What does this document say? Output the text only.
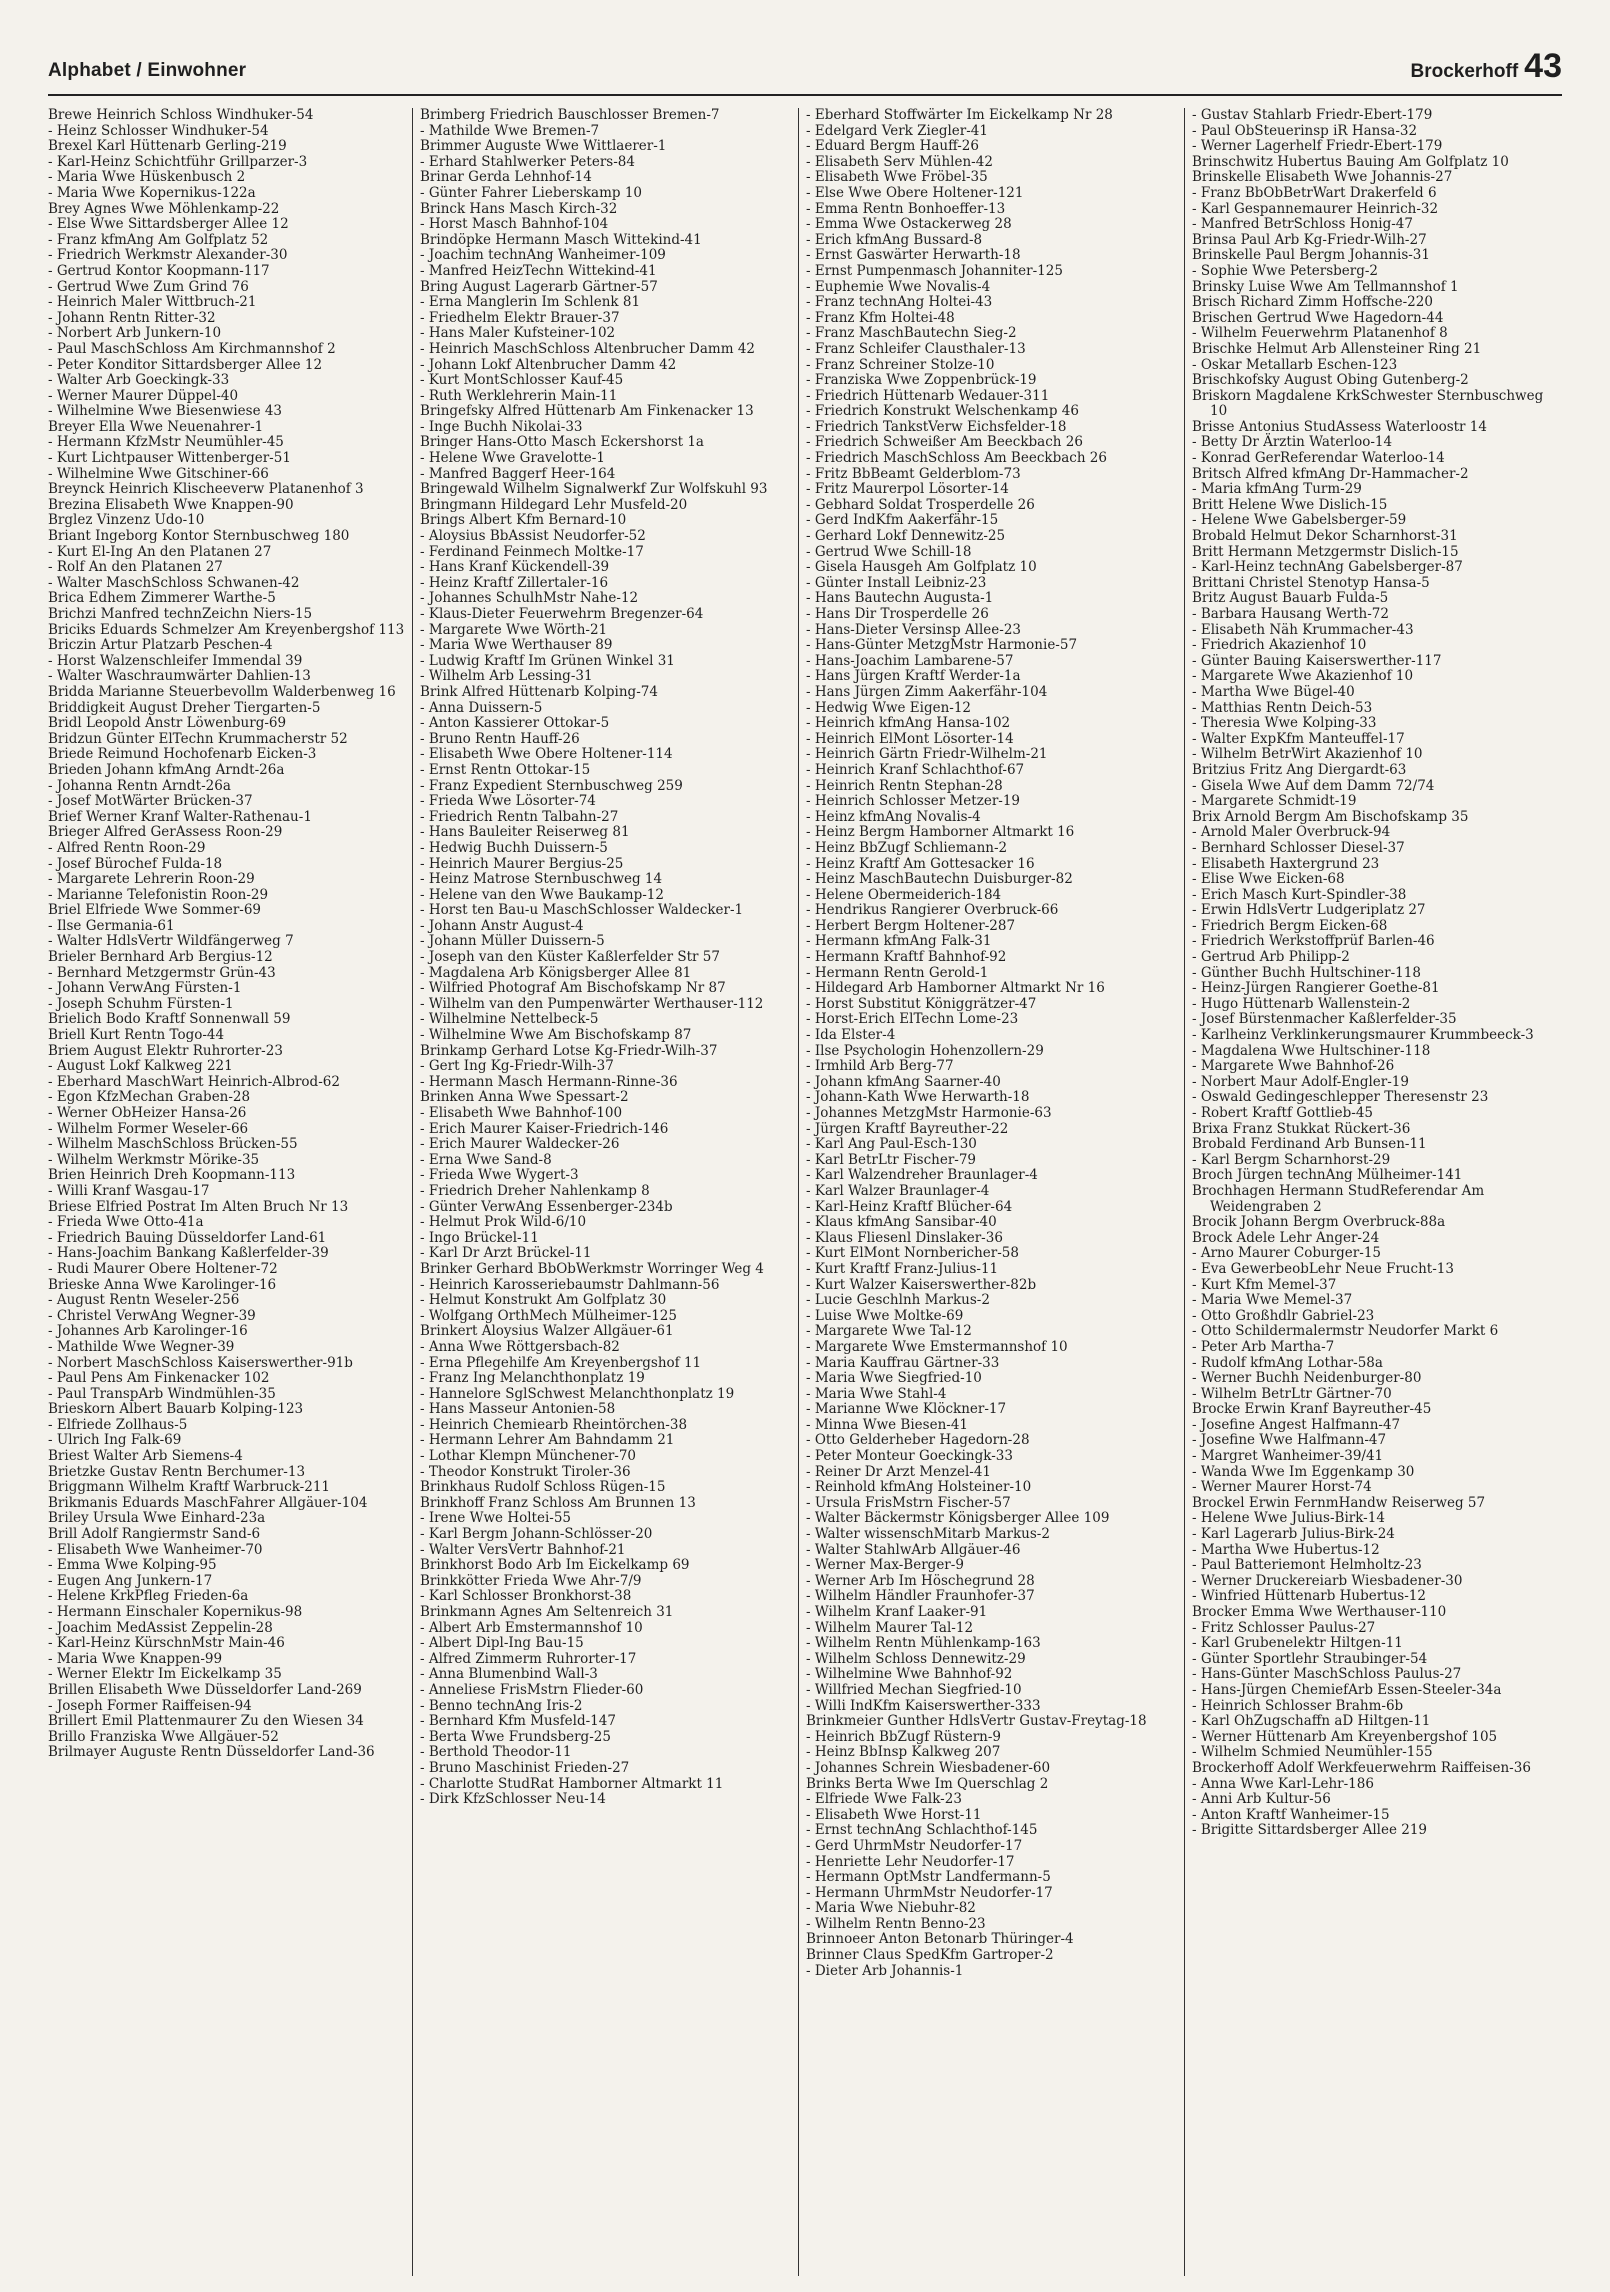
Alphabet / Einwohner	Brockerhoff 43
Brewe Heinrich Schloss Windhuker-54
- Heinz Schlosser Windhuker-54
Brexel Karl Hüttenarb Gerling-219
- Karl-Heinz Schichtführ Grillparzer-3
- Maria Wwe Hüskenbusch 2
- Maria Wwe Kopernikus-122a
Brey Agnes Wwe Möhlenkamp-22
- Else Wwe Sittardsberger Allee 12
- Franz kfmAng Am Golfplatz 52
- Friedrich Werkmstr Alexander-30
- Gertrud Kontor Koopmann-117
- Gertrud Wwe Zum Grind 76
- Heinrich Maler Wittbruch-21
- Johann Rentn Ritter-32
- Norbert Arb Junkern-10
- Paul MaschSchloss Am Kirchmannshof 2
- Peter Konditor Sittardsberger Allee 12
- Walter Arb Goeckingk-33
- Werner Maurer Düppel-40
- Wilhelmine Wwe Biesenwiese 43
Breyer Ella Wwe Neuenahrer-1
- Hermann KfzMstr Neumühler-45
- Kurt Lichtpauser Wittenberger-51
- Wilhelmine Wwe Gitschiner-66
Breynck Heinrich Klischeeverw Platanenhof 3
Brezina Elisabeth Wwe Knappen-90
Brglez Vinzenz Udo-10
Briant Ingeborg Kontor Sternbuschweg 180
- Kurt El-Ing An den Platanen 27
- Rolf An den Platanen 27
- Walter MaschSchloss Schwanen-42
Brica Edhem Zimmerer Warthe-5
Brichzi Manfred technZeichn Niers-15
Briciks Eduards Schmelzer Am Kreyenbergshof 113
Briczin Artur Platzarb Peschen-4
- Horst Walzenschleifer Immendal 39
- Walter Waschraumwärter Dahlien-13
Bridda Marianne Steuerbevollm Walderbenweg 16
Briddigkeit August Dreher Tiergarten-5
Bridl Leopold Anstr Löwenburg-69
Bridzun Günter ElTechn Krummacherstr 52
Briede Reimund Hochofenarb Eicken-3
Brieden Johann kfmAng Arndt-26a
- Johanna Rentn Arndt-26a
- Josef MotWärter Brücken-37
Brief Werner Kranf Walter-Rathenau-1
Brieger Alfred GerAssess Roon-29
- Alfred Rentn Roon-29
- Josef Bürochef Fulda-18
- Margarete Lehrerin Roon-29
- Marianne Telefonistin Roon-29
Briel Elfriede Wwe Sommer-69
- Ilse Germania-61
- Walter HdlsVertr Wildfängerweg 7
Brieler Bernhard Arb Bergius-12
- Bernhard Metzgermstr Grün-43
- Johann VerwAng Fürsten-1
- Joseph Schuhm Fürsten-1
Brielich Bodo Kraftf Sonnenwall 59
Briell Kurt Rentn Togo-44
Briem August Elektr Ruhrorter-23
- August Lokf Kalkweg 221
- Eberhard MaschWart Heinrich-Albrod-62
- Egon KfzMechan Graben-28
- Werner ObHeizer Hansa-26
- Wilhelm Former Weseler-66
- Wilhelm MaschSchloss Brücken-55
- Wilhelm Werkmstr Mörike-35
Brien Heinrich Dreh Koopmann-113
- Willi Kranf Wasgau-17
Briese Elfried Postrat Im Alten Bruch Nr 13
- Frieda Wwe Otto-41a
- Friedrich Bauing Düsseldorfer Land-61
- Hans-Joachim Bankang Kaßlerfelder-39
- Rudi Maurer Obere Holtener-72
Brieske Anna Wwe Karolinger-16
- August Rentn Weseler-256
- Christel VerwAng Wegner-39
- Johannes Arb Karolinger-16
- Mathilde Wwe Wegner-39
- Norbert MaschSchloss Kaiserswerther-91b
- Paul Pens Am Finkenacker 102
- Paul TranspArb Windmühlen-35
Brieskorn Albert Bauarb Kolping-123
- Elfriede Zollhaus-5
- Ulrich Ing Falk-69
Briest Walter Arb Siemens-4
Brietzke Gustav Rentn Berchumer-13
Briggmann Wilhelm Kraftf Warbruck-211
Brikmanis Eduards MaschFahrer Allgäuer-104
Briley Ursula Wwe Einhard-23a
Brill Adolf Rangiermstr Sand-6
- Elisabeth Wwe Wanheimer-70
- Emma Wwe Kolping-95
- Eugen Ang Junkern-17
- Helene KrkPfleg Frieden-6a
- Hermann Einschaler Kopernikus-98
- Joachim MedAssist Zeppelin-28
- Karl-Heinz KürschnMstr Main-46
- Maria Wwe Knappen-99
- Werner Elektr Im Eickelkamp 35
Brillen Elisabeth Wwe Düsseldorfer Land-269
- Joseph Former Raiffeisen-94
Brillert Emil Plattenmaurer Zu den Wiesen 34
Brillo Franziska Wwe Allgäuer-52
Brilmayer Auguste Rentn Düsseldorfer Land-36
Brimberg Friedrich Bauschlosser Bremen-7
- Mathilde Wwe Bremen-7
Brimmer Auguste Wwe Wittlaerer-1
- Erhard Stahlwerker Peters-84
Brinar Gerda Lehnhof-14
- Günter Fahrer Lieberskamp 10
Brinck Hans Masch Kirch-32
- Horst Masch Bahnhof-104
Brindöpke Hermann Masch Wittekind-41
- Joachim technAng Wanheimer-109
- Manfred HeizTechn Wittekind-41
Bring August Lagerarb Gärtner-57
- Erna Manglerin Im Schlenk 81
- Friedhelm Elektr Brauer-37
- Hans Maler Kufsteiner-102
- Heinrich MaschSchloss Altenbrucher Damm 42
- Johann Lokf Altenbrucher Damm 42
- Kurt MontSchlosser Kauf-45
- Ruth Werklehrerin Main-11
Bringefsky Alfred Hüttenarb Am Finkenacker 13
- Inge Buchh Nikolai-33
Bringer Hans-Otto Masch Eckershorst 1a
- Helene Wwe Gravelotte-1
- Manfred Baggerf Heer-164
Bringewald Wilhelm Signalwerkf Zur Wolfskuhl 93
Bringmann Hildegard Lehr Musfeld-20
Brings Albert Kfm Bernard-10
- Aloysius BbAssist Neudorfer-52
- Ferdinand Feinmech Moltke-17
- Hans Kranf Kückendell-39
- Heinz Kraftf Zillertaler-16
- Johannes SchulhMstr Nahe-12
- Klaus-Dieter Feuerwehrm Bregenzer-64
- Margarete Wwe Wörth-21
- Maria Wwe Werthauser 89
- Ludwig Kraftf Im Grünen Winkel 31
- Wilhelm Arb Lessing-31
Brink Alfred Hüttenarb Kolping-74
- Anna Duissern-5
- Anton Kassierer Ottokar-5
- Bruno Rentn Hauff-26
- Elisabeth Wwe Obere Holtener-114
- Ernst Rentn Ottokar-15
- Franz Expedient Sternbuschweg 259
- Frieda Wwe Lösorter-74
- Friedrich Rentn Talbahn-27
- Hans Bauleiter Reiserweg 81
- Hedwig Buchh Duissern-5
- Heinrich Maurer Bergius-25
- Heinz Matrose Sternbuschweg 14
- Helene van den Wwe Baukamp-12
- Horst ten Bau-u MaschSchlosser Waldecker-1
- Johann Anstr August-4
- Johann Müller Duissern-5
- Joseph van den Küster Kaßlerfelder Str 57
- Magdalena Arb Königsberger Allee 81
- Wilfried Photograf Am Bischofskamp Nr 87
- Wilhelm van den Pumpenwärter Werthauser-112
- Wilhelmine Nettelbeck-5
- Wilhelmine Wwe Am Bischofskamp 87
Brinkamp Gerhard Lotse Kg-Friedr-Wilh-37
- Gert Ing Kg-Friedr-Wilh-37
- Hermann Masch Hermann-Rinne-36
Brinken Anna Wwe Spessart-2
- Elisabeth Wwe Bahnhof-100
- Erich Maurer Kaiser-Friedrich-146
- Erich Maurer Waldecker-26
- Erna Wwe Sand-8
- Frieda Wwe Wygert-3
- Friedrich Dreher Nahlenkamp 8
- Günter VerwAng Essenberger-234b
- Helmut Prok Wild-6/10
- Ingo Brückel-11
- Karl Dr Arzt Brückel-11
Brinker Gerhard BbObWerkmstr Worringer Weg 4
- Heinrich Karosseriebaumstr Dahlmann-56
- Helmut Konstrukt Am Golfplatz 30
- Wolfgang OrthMech Mülheimer-125
Brinkert Aloysius Walzer Allgäuer-61
- Anna Wwe Röttgersbach-82
- Erna Pflegehilfe Am Kreyenbergshof 11
- Franz Ing Melanchthonplatz 19
- Hannelore SglSchwest Melanchthonplatz 19
- Hans Masseur Antonien-58
- Heinrich Chemiearb Rheintörchen-38
- Hermann Lehrer Am Bahndamm 21
- Lothar Klempn Münchener-70
- Theodor Konstrukt Tiroler-36
Brinkhaus Rudolf Schloss Rügen-15
Brinkhoff Franz Schloss Am Brunnen 13
- Irene Wwe Holtei-55
- Karl Bergm Johann-Schlösser-20
- Walter VersVertr Bahnhof-21
Brinkhorst Bodo Arb Im Eickelkamp 69
Brinkkötter Frieda Wwe Ahr-7/9
- Karl Schlosser Bronkhorst-38
Brinkmann Agnes Am Seltenreich 31
- Albert Arb Emstermannshof 10
- Albert Dipl-Ing Bau-15
- Alfred Zimmerm Ruhrorter-17
- Anna Blumenbind Wall-3
- Anneliese FrisMstrn Flieder-60
- Benno technAng Iris-2
- Bernhard Kfm Musfeld-147
- Berta Wwe Frundsberg-25
- Berthold Theodor-11
- Bruno Maschinist Frieden-27
- Charlotte StudRat Hamborner Altmarkt 11
- Dirk KfzSchlosser Neu-14
- Eberhard Stoffwärter Im Eickelkamp Nr 28
- Edelgard Verk Ziegler-41
- Eduard Bergm Hauff-26
- Elisabeth Serv Mühlen-42
- Elisabeth Wwe Fröbel-35
- Else Wwe Obere Holtener-121
- Emma Rentn Bonhoeffer-13
- Emma Wwe Ostackerweg 28
- Erich kfmAng Bussard-8
- Ernst Gaswärter Herwarth-18
- Ernst Pumpenmasch Johanniter-125
- Euphemie Wwe Novalis-4
- Franz technAng Holtei-43
- Franz Kfm Holtei-48
- Franz MaschBautechn Sieg-2
- Franz Schleifer Clausthaler-13
- Franz Schreiner Stolze-10
- Franziska Wwe Zoppenbrück-19
- Friedrich Hüttenarb Wedauer-311
- Friedrich Konstrukt Welschenkamp 46
- Friedrich TankstVerw Eichsfelder-18
- Friedrich Schweißer Am Beeckbach 26
- Friedrich MaschSchloss Am Beeckbach 26
- Fritz BbBeamt Gelderblom-73
- Fritz Maurerpol Lösorter-14
- Gebhard Soldat Trosperdelle 26
- Gerd IndKfm Aakerfähr-15
- Gerhard Lokf Dennewitz-25
- Gertrud Wwe Schill-18
- Gisela Hausgeh Am Golfplatz 10
- Günter Install Leibniz-23
- Hans Bautechn Augusta-1
- Hans Dir Trosperdelle 26
- Hans-Dieter Versinsp Allee-23
- Hans-Günter MetzgMstr Harmonie-57
- Hans-Joachim Lambarene-57
- Hans Jürgen Kraftf Werder-1a
- Hans Jürgen Zimm Aakerfähr-104
- Hedwig Wwe Eigen-12
- Heinrich kfmAng Hansa-102
- Heinrich ElMont Lösorter-14
- Heinrich Gärtn Friedr-Wilhelm-21
- Heinrich Kranf Schlachthof-67
- Heinrich Rentn Stephan-28
- Heinrich Schlosser Metzer-19
- Heinz kfmAng Novalis-4
- Heinz Bergm Hamborner Altmarkt 16
- Heinz BbZugf Schliemann-2
- Heinz Kraftf Am Gottesacker 16
- Heinz MaschBautechn Duisburger-82
- Helene Obermeiderich-184
- Hendrikus Rangierer Overbruck-66
- Herbert Bergm Holtener-287
- Hermann kfmAng Falk-31
- Hermann Kraftf Bahnhof-92
- Hermann Rentn Gerold-1
- Hildegard Arb Hamborner Altmarkt Nr 16
- Horst Substitut Königgrätzer-47
- Horst-Erich ElTechn Lome-23
- Ida Elster-4
- Ilse Psychologin Hohenzollern-29
- Irmhild Arb Berg-77
- Johann kfmAng Saarner-40
- Johann-Kath Wwe Herwarth-18
- Johannes MetzgMstr Harmonie-63
- Jürgen Kraftf Bayreuther-22
- Karl Ang Paul-Esch-130
- Karl BetrLtr Fischer-79
- Karl Walzendreher Braunlager-4
- Karl Walzer Braunlager-4
- Karl-Heinz Kraftf Blücher-64
- Klaus kfmAng Sansibar-40
- Klaus Fliesenl Dinslaker-36
- Kurt ElMont Nornbericher-58
- Kurt Kraftf Franz-Julius-11
- Kurt Walzer Kaiserswerther-82b
- Lucie Geschlnh Markus-2
- Luise Wwe Moltke-69
- Margarete Wwe Tal-12
- Margarete Wwe Emstermannshof 10
- Maria Kauffrau Gärtner-33
- Maria Wwe Siegfried-10
- Maria Wwe Stahl-4
- Marianne Wwe Klöckner-17
- Minna Wwe Biesen-41
- Otto Gelderheber Hagedorn-28
- Peter Monteur Goeckingk-33
- Reiner Dr Arzt Menzel-41
- Reinhold kfmAng Holsteiner-10
- Ursula FrisMstrn Fischer-57
- Walter Bäckermstr Königsberger Allee 109
- Walter wissenschMitarb Markus-2
- Walter StahlwArb Allgäuer-46
- Werner Max-Berger-9
- Werner Arb Im Höschegrund 28
- Wilhelm Händler Fraunhofer-37
- Wilhelm Kranf Laaker-91
- Wilhelm Maurer Tal-12
- Wilhelm Rentn Mühlenkamp-163
- Wilhelm Schloss Dennewitz-29
- Wilhelmine Wwe Bahnhof-92
- Willfried Mechan Siegfried-10
- Willi IndKfm Kaiserswerther-333
Brinkmeier Gunther HdlsVertr Gustav-Freytag-18
- Heinrich BbZugf Rüstern-9
- Heinz BbInsp Kalkweg 207
- Johannes Schrein Wiesbadener-60
Brinks Berta Wwe Im Querschlag 2
- Elfriede Wwe Falk-23
- Elisabeth Wwe Horst-11
- Ernst technAng Schlachthof-145
- Gerd UhrmMstr Neudorfer-17
- Henriette Lehr Neudorfer-17
- Hermann OptMstr Landfermann-5
- Hermann UhrmMstr Neudorfer-17
- Maria Wwe Niebuhr-82
- Wilhelm Rentn Benno-23
Brinnoeer Anton Betonarb Thüringer-4
Brinner Claus SpedKfm Gartroper-2
- Dieter Arb Johannis-1
- Gustav Stahlarb Friedr-Ebert-179
- Paul ObSteuerinsp iR Hansa-32
- Werner Lagerhelf Friedr-Ebert-179
Brinschwitz Hubertus Bauing Am Golfplatz 10
Brinskelle Elisabeth Wwe Johannis-27
- Franz BbObBetrWart Drakerfeld 6
- Karl Gespannemaurer Heinrich-32
- Manfred BetrSchloss Honig-47
Brinsa Paul Arb Kg-Friedr-Wilh-27
Brinskelle Paul Bergm Johannis-31
- Sophie Wwe Petersberg-2
Brinsky Luise Wwe Am Tellmannshof 1
Brisch Richard Zimm Hoffsche-220
Brischen Gertrud Wwe Hagedorn-44
- Wilhelm Feuerwehrm Platanenhof 8
Brischke Helmut Arb Allensteiner Ring 21
- Oskar Metallarb Eschen-123
Brischkofsky August Obing Gutenberg-2
Briskorn Magdalene KrkSchwester Sternbuschweg 10
Brisse Antonius StudAssess Waterloostr 14
- Betty Dr Ärztin Waterloo-14
- Konrad GerReferendar Waterloo-14
Britsch Alfred kfmAng Dr-Hammacher-2
- Maria kfmAng Turm-29
Britt Helene Wwe Dislich-15
- Helene Wwe Gabelsberger-59
Brobald Helmut Dekor Scharnhorst-31
Britt Hermann Metzgermstr Dislich-15
- Karl-Heinz technAng Gabelsberger-87
Brittani Christel Stenotyp Hansa-5
Britz August Bauarb Fulda-5
- Barbara Hausang Werth-72
- Elisabeth Näh Krummacher-43
- Friedrich Akazienhof 10
- Günter Bauing Kaiserswerther-117
- Margarete Wwe Akazienhof 10
- Martha Wwe Bügel-40
- Matthias Rentn Deich-53
- Theresia Wwe Kolping-33
- Walter ExpKfm Manteuffel-17
- Wilhelm BetrWirt Akazienhof 10
Britzius Fritz Ang Diergardt-63
- Gisela Wwe Auf dem Damm 72/74
- Margarete Schmidt-19
Brix Arnold Bergm Am Bischofskamp 35
- Arnold Maler Overbruck-94
- Bernhard Schlosser Diesel-37
- Elisabeth Haxtergrund 23
- Elise Wwe Eicken-68
- Erich Masch Kurt-Spindler-38
- Erwin HdlsVertr Ludgeriplatz 27
- Friedrich Bergm Eicken-68
- Friedrich Werkstoffprüf Barlen-46
- Gertrud Arb Philipp-2
- Günther Buchh Hultschiner-118
- Heinz-Jürgen Rangierer Goethe-81
- Hugo Hüttenarb Wallenstein-2
- Josef Bürstenmacher Kaßlerfelder-35
- Karlheinz Verklinkerungsmaurer Krummbeeck-3
- Magdalena Wwe Hultschiner-118
- Margarete Wwe Bahnhof-26
- Norbert Maur Adolf-Engler-19
- Oswald Gedingeschlepper Theresenstr 23
- Robert Kraftf Gottlieb-45
Brixa Franz Stukkat Rückert-36
Brobald Ferdinand Arb Bunsen-11
- Karl Bergm Scharnhorst-29
Broch Jürgen technAng Mülheimer-141
Brochhagen Hermann StudReferendar Am Weidengraben 2
Brocik Johann Bergm Overbruck-88a
Brock Adele Lehr Anger-24
- Arno Maurer Coburger-15
- Eva GewerbeobLehr Neue Frucht-13
- Kurt Kfm Memel-37
- Maria Wwe Memel-37
- Otto Großhdlr Gabriel-23
- Otto Schildermalermstr Neudorfer Markt 6
- Peter Arb Martha-7
- Rudolf kfmAng Lothar-58a
- Werner Buchh Neidenburger-80
- Wilhelm BetrLtr Gärtner-70
Brocke Erwin Kranf Bayreuther-45
- Josefine Angest Halfmann-47
- Josefine Wwe Halfmann-47
- Margret Wanheimer-39/41
- Wanda Wwe Im Eggenkamp 30
- Werner Maurer Horst-74
Brockel Erwin FernmHandw Reiserweg 57
- Helene Wwe Julius-Birk-14
- Karl Lagerarb Julius-Birk-24
- Martha Wwe Hubertus-12
- Paul Batteriemont Helmholtz-23
- Werner Druckereiarb Wiesbadener-30
- Winfried Hüttenarb Hubertus-12
Brocker Emma Wwe Werthauser-110
- Fritz Schlosser Paulus-27
- Karl Grubenelektr Hiltgen-11
- Günter Sportlehr Straubinger-54
- Hans-Günter MaschSchloss Paulus-27
- Hans-Jürgen ChemiefArb Essen-Steeler-34a
- Heinrich Schlosser Brahm-6b
- Karl OhZugschaffn aD Hiltgen-11
- Werner Hüttenarb Am Kreyenbergshof 105
- Wilhelm Schmied Neumühler-155
Brockerhoff Adolf Werkfeuerwehrm Raiffeisen-36
- Anna Wwe Karl-Lehr-186
- Anni Arb Kultur-56
- Anton Kraftf Wanheimer-15
- Brigitte Sittardsberger Allee 219
